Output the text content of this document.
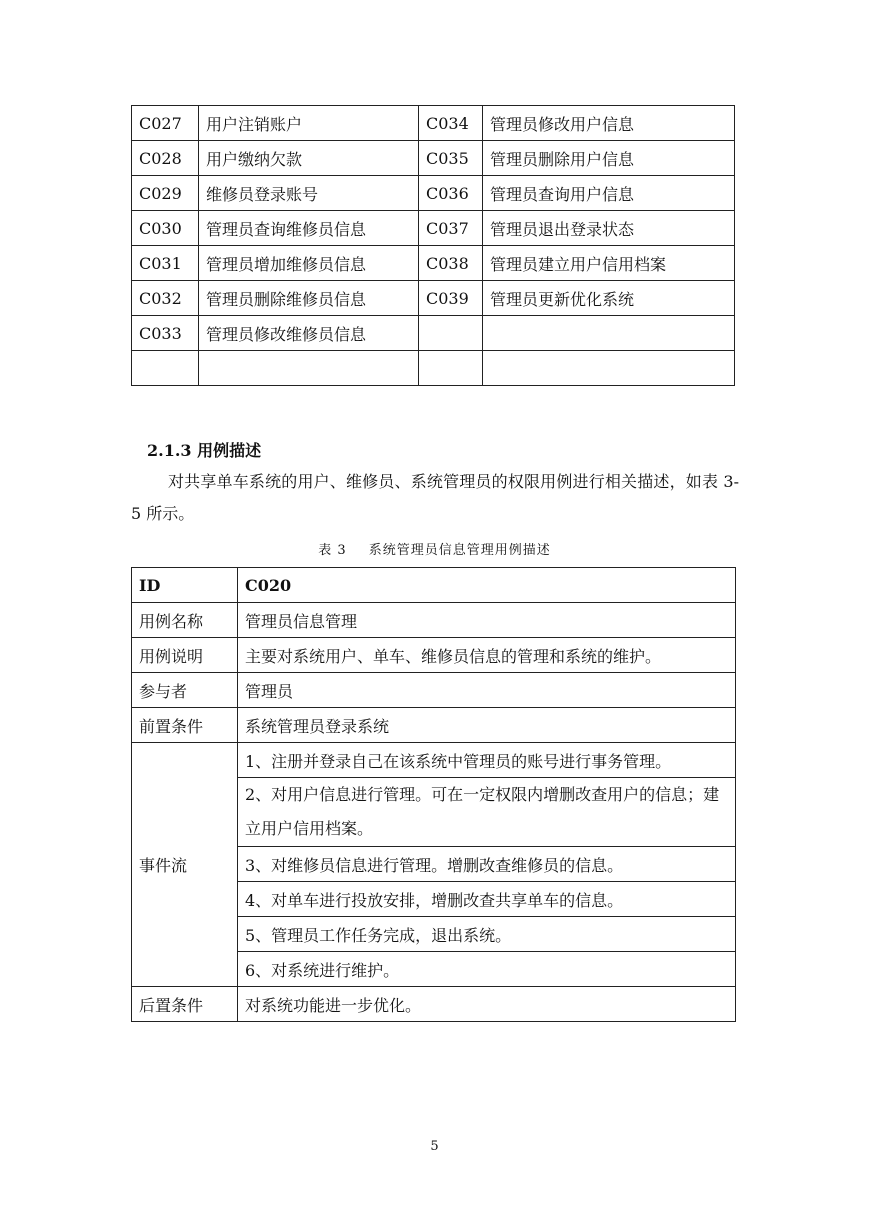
C027	用户注销账户	C034	管理员修改用户信息
C028	用户缴纳欠款	C035	管理员删除用户信息
C029	维修员登录账号	C036	管理员查询用户信息
C030	管理员查询维修员信息	C037	管理员退出登录状态
C031	管理员增加维修员信息	C038	管理员建立用户信用档案
C032	管理员删除维修员信息	C039	管理员更新优化系统
C033	管理员修改维修员信息		

2.1.3 用例描述
对共享单车系统的用户、维修员、系统管理员的权限用例进行相关描述，如表 3-5 所示。
表 3 系统管理员信息管理用例描述
ID	C020
用例名称	管理员信息管理
用例说明	主要对系统用户、单车、维修员信息的管理和系统的维护。
参与者	管理员
前置条件	系统管理员登录系统
事件流	1、注册并登录自己在该系统中管理员的账号进行事务管理。
	2、对用户信息进行管理。可在一定权限内增删改查用户的信息；建立用户信用档案。
	3、对维修员信息进行管理。增删改查维修员的信息。
	4、对单车进行投放安排，增删改查共享单车的信息。
	5、管理员工作任务完成，退出系统。
	6、对系统进行维护。
后置条件	对系统功能进一步优化。
5
